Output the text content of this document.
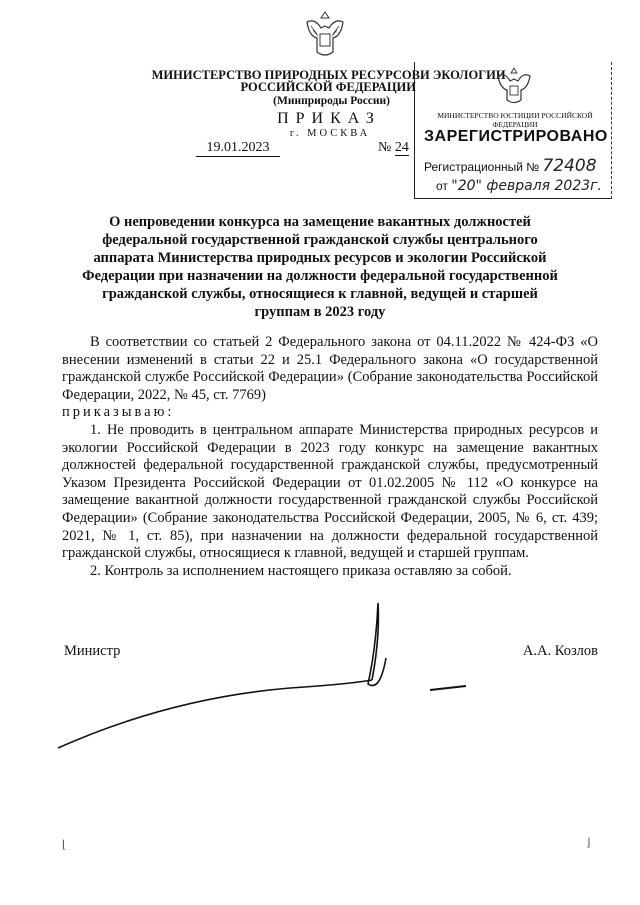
МИНИСТЕРСТВО ПРИРОДНЫХ РЕСУРСОВ И ЭКОЛОГИИ
РОССИЙСКОЙ ФЕДЕРАЦИИ
(Минприроды России)
ПРИКАЗ
г. МОСКВА
19.01.2023	№ 24
МИНИСТЕРСТВО ЮСТИЦИИ РОССИЙСКОЙ ФЕДЕРАЦИИ
ЗАРЕГИСТРИРОВАНО
Регистрационный № 72408
от "20" февраля 2023г.
О непроведении конкурса на замещение вакантных должностей федеральной государственной гражданской службы центрального аппарата Министерства природных ресурсов и экологии Российской Федерации при назначении на должности федеральной государственной гражданской службы, относящиеся к главной, ведущей и старшей группам в 2023 году

В соответствии со статьей 2 Федерального закона от 04.11.2022 № 424-ФЗ «О внесении изменений в статьи 22 и 25.1 Федерального закона «О государственной гражданской службе Российской Федерации» (Собрание законодательства Российской Федерации, 2022, № 45, ст. 7769)

приказываю:

1. Не проводить в центральном аппарате Министерства природных ресурсов и экологии Российской Федерации в 2023 году конкурс на замещение вакантных должностей федеральной государственной гражданской службы, предусмотренный Указом Президента Российской Федерации от 01.02.2005 № 112 «О конкурсе на замещение вакантной должности государственной гражданской службы Российской Федерации» (Собрание законодательства Российской Федерации, 2005, № 6, ст. 439; 2021, № 1, ст. 85), при назначении на должности федеральной государственной гражданской службы, относящиеся к главной, ведущей и старшей группам.

2. Контроль за исполнением настоящего приказа оставляю за собой.

Министр	А.А. Козлов
⌊	⌋
